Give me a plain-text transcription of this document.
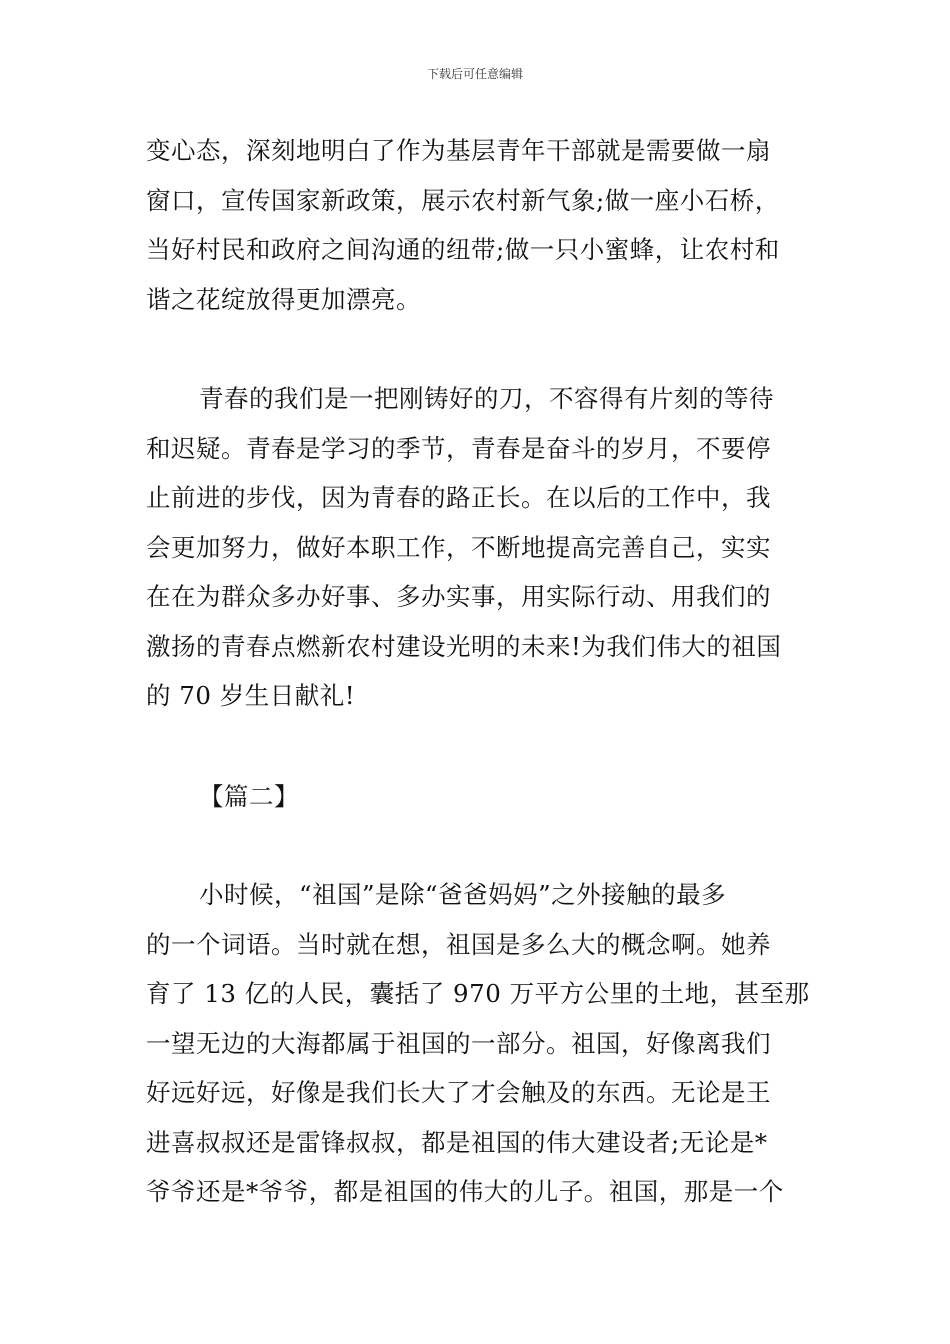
下载后可任意编辑
变心态，深刻地明白了作为基层青年干部就是需要做一扇
窗口，宣传国家新政策，展示农村新气象;做一座小石桥，
当好村民和政府之间沟通的纽带;做一只小蜜蜂，让农村和
谐之花绽放得更加漂亮。
青春的我们是一把刚铸好的刀，不容得有片刻的等待
和迟疑。青春是学习的季节，青春是奋斗的岁月，不要停
止前进的步伐，因为青春的路正长。在以后的工作中，我
会更加努力，做好本职工作，不断地提高完善自己，实实
在在为群众多办好事、多办实事，用实际行动、用我们的
激扬的青春点燃新农村建设光明的未来!为我们伟大的祖国
的 70 岁生日献礼!
【篇二】
小时候，“祖国”是除“爸爸妈妈”之外接触的最多
的一个词语。当时就在想，祖国是多么大的概念啊。她养
育了 13 亿的人民，囊括了 970 万平方公里的土地，甚至那
一望无边的大海都属于祖国的一部分。祖国，好像离我们
好远好远，好像是我们长大了才会触及的东西。无论是王
进喜叔叔还是雷锋叔叔，都是祖国的伟大建设者;无论是*
爷爷还是*爷爷，都是祖国的伟大的儿子。祖国，那是一个
